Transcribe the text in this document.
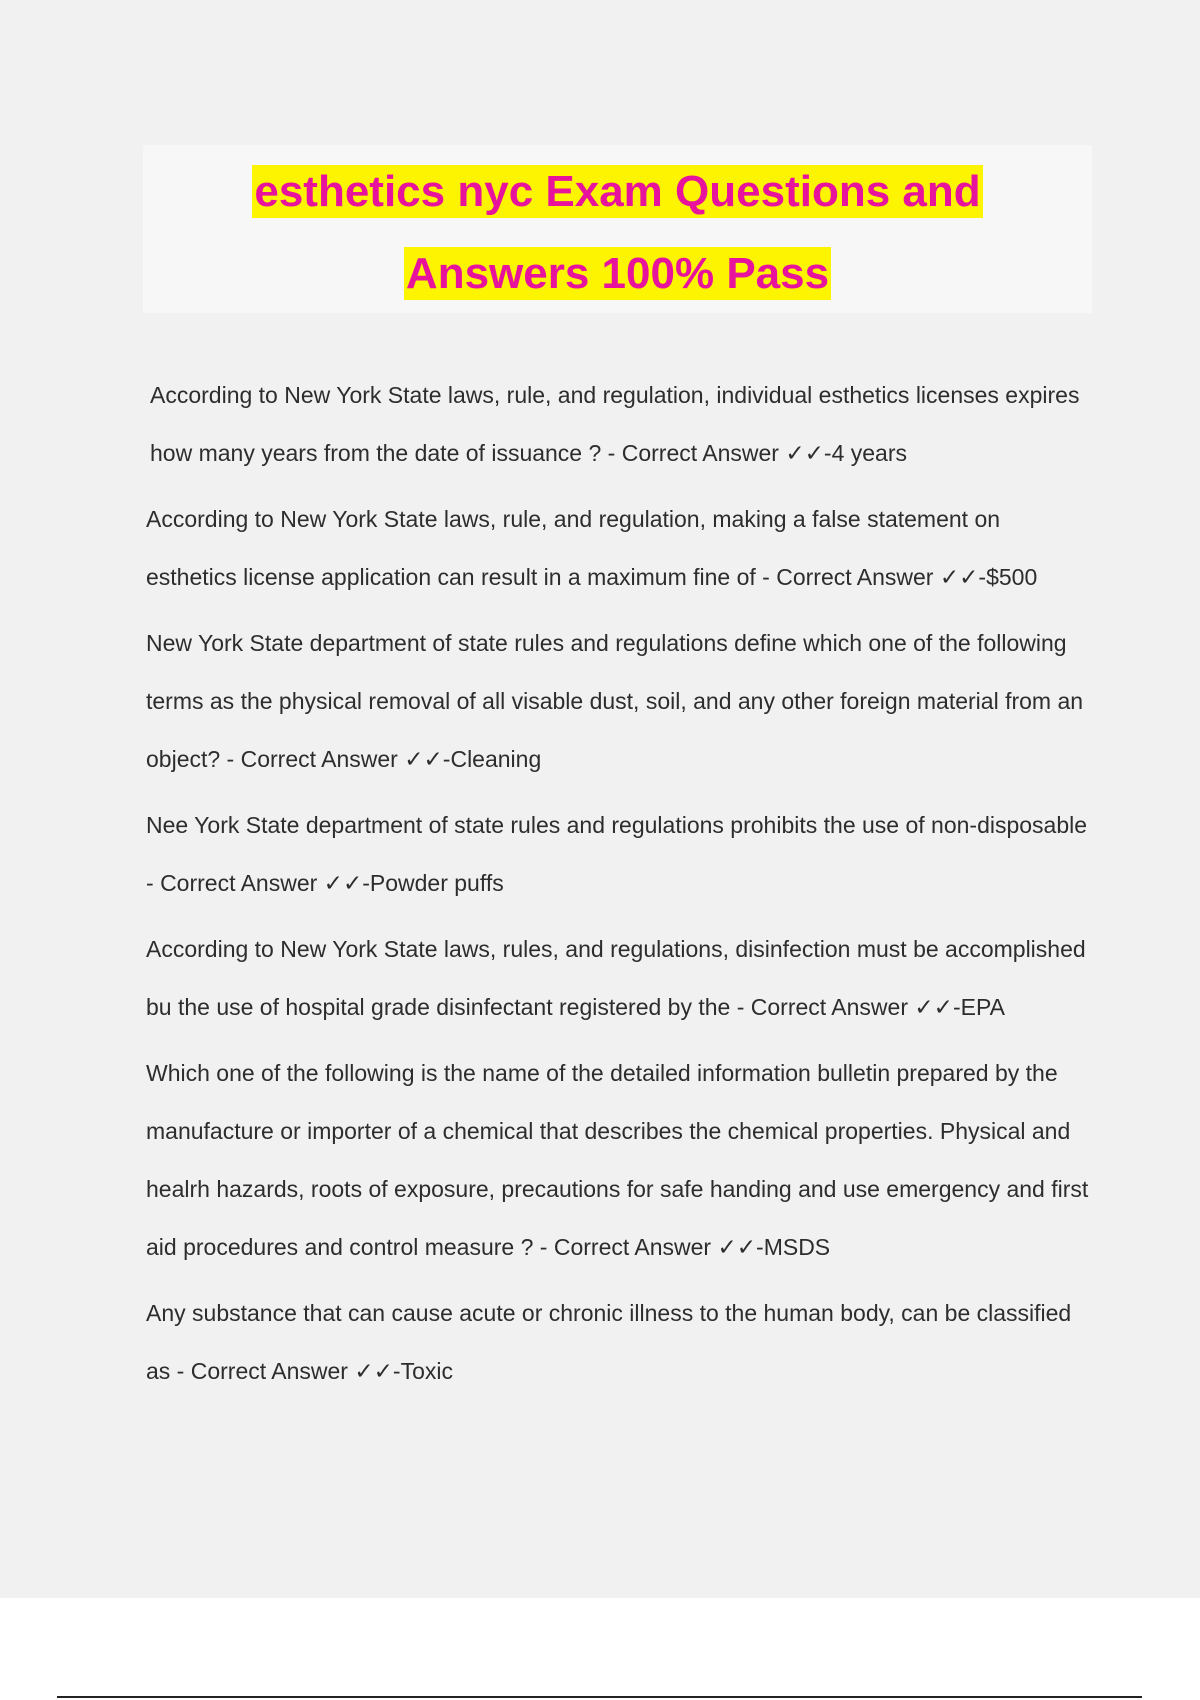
esthetics nyc Exam Questions and
Answers 100% Pass
According to New York State laws, rule, and regulation, individual esthetics licenses expires how many years from the date of issuance ? - Correct Answer ✓✓-4 years
According to New York State laws, rule, and regulation, making a false statement on esthetics license application can result in a maximum fine of - Correct Answer ✓✓-$500
New York State department of state rules and regulations define which one of the following terms as the physical removal of all visable dust, soil, and any other foreign material from an object? - Correct Answer ✓✓-Cleaning
Nee York State department of state rules and regulations prohibits the use of non-disposable - Correct Answer ✓✓-Powder puffs
According to New York State laws, rules, and regulations, disinfection must be accomplished bu the use of hospital grade disinfectant registered by the - Correct Answer ✓✓-EPA
Which one of the following is the name of the detailed information bulletin prepared by the manufacture or importer of a chemical that describes the chemical properties. Physical and healrh hazards, roots of exposure, precautions for safe handing and use emergency and first aid procedures and control measure ? - Correct Answer ✓✓-MSDS
Any substance that can cause acute or chronic illness to the human body, can be classified as - Correct Answer ✓✓-Toxic
